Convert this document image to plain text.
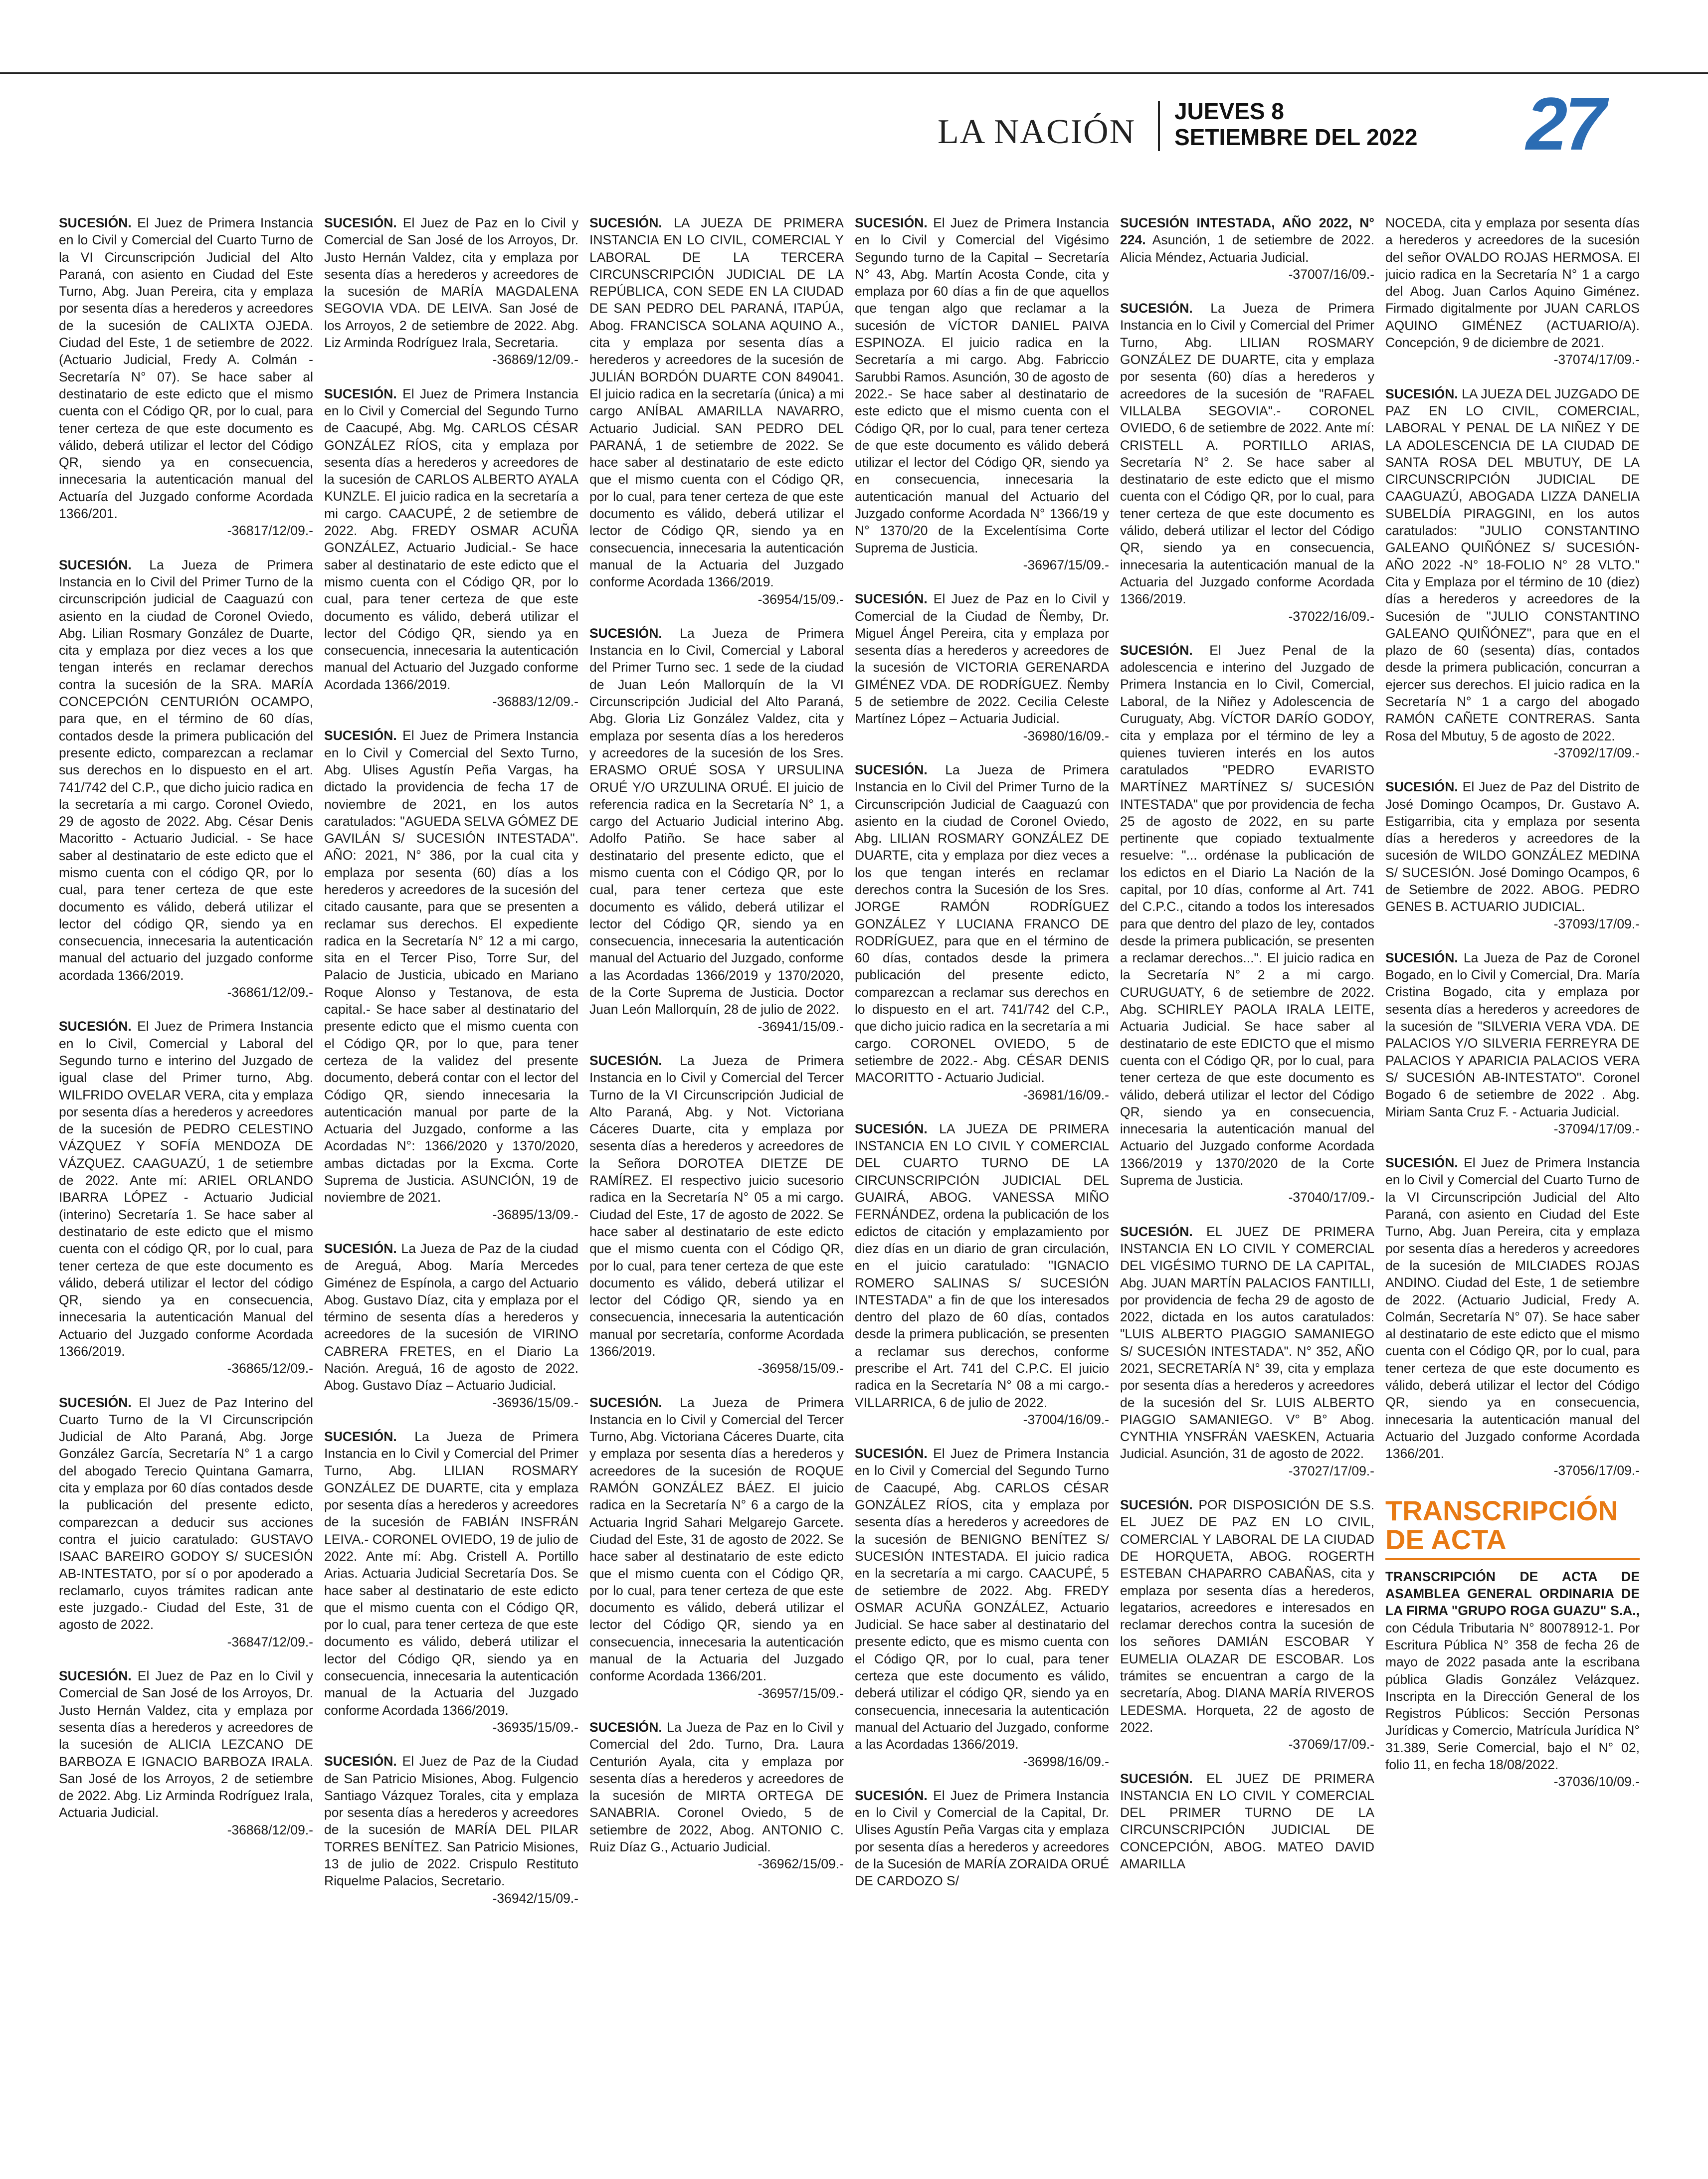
LA NACIÓN
JUEVES 8
SETIEMBRE DEL 2022 27
SUCESIÓN. El Juez de Primera Instancia en lo Civil y Comercial del Cuarto Turno de la VI Circunscripción Judicial del Alto Paraná, con asiento en Ciudad del Este Turno, Abg. Juan Pereira, cita y emplaza por sesenta días a herederos y acreedores de la sucesión de CALIXTA OJEDA. Ciudad del Este, 1 de setiembre de 2022. (Actuario Judicial, Fredy A. Colmán - Secretaría N° 07). Se hace saber al destinatario de este edicto que el mismo cuenta con el Código QR, por lo cual, para tener certeza de que este documento es válido, deberá utilizar el lector del Código QR, siendo ya en consecuencia, innecesaria la autenticación manual del Actuaría del Juzgado conforme Acordada 1366/201.
-36817/12/09.-
SUCESIÓN. La Jueza de Primera Instancia en lo Civil del Primer Turno de la circunscripción judicial de Caaguazú con asiento en la ciudad de Coronel Oviedo, Abg. Lilian Rosmary González de Duarte, cita y emplaza por diez veces a los que tengan interés en reclamar derechos contra la sucesión de la SRA. MARÍA CONCEPCIÓN CENTURIÓN OCAMPO, para que, en el término de 60 días, contados desde la primera publicación del presente edicto, comparezcan a reclamar sus derechos en lo dispuesto en el art. 741/742 del C.P., que dicho juicio radica en la secretaría a mi cargo. Coronel Oviedo, 29 de agosto de 2022. Abg. César Denis Macoritto - Actuario Judicial. - Se hace saber al destinatario de este edicto que el mismo cuenta con el código QR, por lo cual, para tener certeza de que este documento es válido, deberá utilizar el lector del código QR, siendo ya en consecuencia, innecesaria la autenticación manual del actuario del juzgado conforme acordada 1366/2019.
-36861/12/09.-
SUCESIÓN. El Juez de Primera Instancia en lo Civil, Comercial y Laboral del Segundo turno e interino del Juzgado de igual clase del Primer turno, Abg. WILFRIDO OVELAR VERA, cita y emplaza por sesenta días a herederos y acreedores de la sucesión de PEDRO CELESTINO VÁZQUEZ Y SOFÍA MENDOZA DE VÁZQUEZ. CAAGUAZÚ, 1 de setiembre de 2022. Ante mí: ARIEL ORLANDO IBARRA LÓPEZ - Actuario Judicial (interino) Secretaría 1. Se hace saber al destinatario de este edicto que el mismo cuenta con el código QR, por lo cual, para tener certeza de que este documento es válido, deberá utilizar el lector del código QR, siendo ya en consecuencia, innecesaria la autenticación Manual del Actuario del Juzgado conforme Acordada 1366/2019.
-36865/12/09.-
SUCESIÓN. El Juez de Paz Interino del Cuarto Turno de la VI Circunscripción Judicial de Alto Paraná, Abg. Jorge González García, Secretaría N° 1 a cargo del abogado Terecio Quintana Gamarra, cita y emplaza por 60 días contados desde la publicación del presente edicto, comparezcan a deducir sus acciones contra el juicio caratulado: GUSTAVO ISAAC BAREIRO GODOY S/ SUCESIÓN AB-INTESTATO, por sí o por apoderado a reclamarlo, cuyos trámites radican ante este juzgado.- Ciudad del Este, 31 de agosto de 2022.
-36847/12/09.-
SUCESIÓN. El Juez de Paz en lo Civil y Comercial de San José de los Arroyos, Dr. Justo Hernán Valdez, cita y emplaza por sesenta días a herederos y acreedores de la sucesión de ALICIA LEZCANO DE BARBOZA E IGNACIO BARBOZA IRALA. San José de los Arroyos, 2 de setiembre de 2022. Abg. Liz Arminda Rodríguez Irala, Actuaria Judicial.
-36868/12/09.-
SUCESIÓN. El Juez de Paz en lo Civil y Comercial de San José de los Arroyos, Dr. Justo Hernán Valdez, cita y emplaza por sesenta días a herederos y acreedores de la sucesión de MARÍA MAGDALENA SEGOVIA VDA. DE LEIVA. San José de los Arroyos, 2 de setiembre de 2022. Abg. Liz Arminda Rodríguez Irala, Secretaria.
-36869/12/09.-
SUCESIÓN. El Juez de Primera Instancia en lo Civil y Comercial del Segundo Turno de Caacupé, Abg. Mg. CARLOS CÉSAR GONZÁLEZ RÍOS, cita y emplaza por sesenta días a herederos y acreedores de la sucesión de CARLOS ALBERTO AYALA KUNZLE. El juicio radica en la secretaría a mi cargo. CAACUPÉ, 2 de setiembre de 2022. Abg. FREDY OSMAR ACUÑA GONZÁLEZ, Actuario Judicial.- Se hace saber al destinatario de este edicto que el mismo cuenta con el Código QR, por lo cual, para tener certeza de que este documento es válido, deberá utilizar el lector del Código QR, siendo ya en consecuencia, innecesaria la autenticación manual del Actuario del Juzgado conforme Acordada 1366/2019.
-36883/12/09.-
SUCESIÓN. El Juez de Primera Instancia en lo Civil y Comercial del Sexto Turno, Abg. Ulises Agustín Peña Vargas, ha dictado la providencia de fecha 17 de noviembre de 2021, en los autos caratulados: "AGUEDA SELVA GÓMEZ DE GAVILÁN S/ SUCESIÓN INTESTADA". AÑO: 2021, N° 386, por la cual cita y emplaza por sesenta (60) días a los herederos y acreedores de la sucesión del citado causante, para que se presenten a reclamar sus derechos. El expediente radica en la Secretaría N° 12 a mi cargo, sita en el Tercer Piso, Torre Sur, del Palacio de Justicia, ubicado en Mariano Roque Alonso y Testanova, de esta capital.- Se hace saber al destinatario del presente edicto que el mismo cuenta con el Código QR, por lo que, para tener certeza de la validez del presente documento, deberá contar con el lector del Código QR, siendo innecesaria la autenticación manual por parte de la Actuaria del Juzgado, conforme a las Acordadas N°: 1366/2020 y 1370/2020, ambas dictadas por la Excma. Corte Suprema de Justicia. ASUNCIÓN, 19 de noviembre de 2021.
-36895/13/09.-
SUCESIÓN. La Jueza de Paz de la ciudad de Areguá, Abog. María Mercedes Giménez de Espínola, a cargo del Actuario Abog. Gustavo Díaz, cita y emplaza por el término de sesenta días a herederos y acreedores de la sucesión de VIRINO CABRERA FRETES, en el Diario La Nación. Areguá, 16 de agosto de 2022. Abog. Gustavo Díaz – Actuario Judicial.
-36936/15/09.-
SUCESIÓN. La Jueza de Primera Instancia en lo Civil y Comercial del Primer Turno, Abg. LILIAN ROSMARY GONZÁLEZ DE DUARTE, cita y emplaza por sesenta días a herederos y acreedores de la sucesión de FABIÁN INSFRÁN LEIVA.- CORONEL OVIEDO, 19 de julio de 2022. Ante mí: Abg. Cristell A. Portillo Arias. Actuaria Judicial Secretaría Dos. Se hace saber al destinatario de este edicto que el mismo cuenta con el Código QR, por lo cual, para tener certeza de que este documento es válido, deberá utilizar el lector del Código QR, siendo ya en consecuencia, innecesaria la autenticación manual de la Actuaria del Juzgado conforme Acordada 1366/2019.
-36935/15/09.-
SUCESIÓN. El Juez de Paz de la Ciudad de San Patricio Misiones, Abog. Fulgencio Santiago Vázquez Torales, cita y emplaza por sesenta días a herederos y acreedores de la sucesión de MARÍA DEL PILAR TORRES BENÍTEZ. San Patricio Misiones, 13 de julio de 2022. Crispulo Restituto Riquelme Palacios, Secretario.
-36942/15/09.-
SUCESIÓN. LA JUEZA DE PRIMERA INSTANCIA EN LO CIVIL, COMERCIAL Y LABORAL DE LA TERCERA CIRCUNSCRIPCIÓN JUDICIAL DE LA REPÚBLICA, CON SEDE EN LA CIUDAD DE SAN PEDRO DEL PARANÁ, ITAPÚA, Abog. FRANCISCA SOLANA AQUINO A., cita y emplaza por sesenta días a herederos y acreedores de la sucesión de JULIÁN BORDÓN DUARTE CON 849041. El juicio radica en la secretaría (única) a mi cargo ANÍBAL AMARILLA NAVARRO, Actuario Judicial. SAN PEDRO DEL PARANÁ, 1 de setiembre de 2022. Se hace saber al destinatario de este edicto que el mismo cuenta con el Código QR, por lo cual, para tener certeza de que este documento es válido, deberá utilizar el lector de Código QR, siendo ya en consecuencia, innecesaria la autenticación manual de la Actuaria del Juzgado conforme Acordada 1366/2019.
-36954/15/09.-
SUCESIÓN. La Jueza de Primera Instancia en lo Civil, Comercial y Laboral del Primer Turno sec. 1 sede de la ciudad de Juan León Mallorquín de la VI Circunscripción Judicial del Alto Paraná, Abg. Gloria Liz González Valdez, cita y emplaza por sesenta días a los herederos y acreedores de la sucesión de los Sres. ERASMO ORUÉ SOSA Y URSULINA ORUÉ Y/O URZULINA ORUÉ. El juicio de referencia radica en la Secretaría N° 1, a cargo del Actuario Judicial interino Abg. Adolfo Patiño. Se hace saber al destinatario del presente edicto, que el mismo cuenta con el Código QR, por lo cual, para tener certeza que este documento es válido, deberá utilizar el lector del Código QR, siendo ya en consecuencia, innecesaria la autenticación manual del Actuario del Juzgado, conforme a las Acordadas 1366/2019 y 1370/2020, de la Corte Suprema de Justicia. Doctor Juan León Mallorquín, 28 de julio de 2022.
-36941/15/09.-
SUCESIÓN. La Jueza de Primera Instancia en lo Civil y Comercial del Tercer Turno de la VI Circunscripción Judicial de Alto Paraná, Abg. y Not. Victoriana Cáceres Duarte, cita y emplaza por sesenta días a herederos y acreedores de la Señora DOROTEA DIETZE DE RAMÍREZ. El respectivo juicio sucesorio radica en la Secretaría N° 05 a mi cargo. Ciudad del Este, 17 de agosto de 2022. Se hace saber al destinatario de este edicto que el mismo cuenta con el Código QR, por lo cual, para tener certeza de que este documento es válido, deberá utilizar el lector del Código QR, siendo ya en consecuencia, innecesaria la autenticación manual por secretaría, conforme Acordada 1366/2019.
-36958/15/09.-
SUCESIÓN. La Jueza de Primera Instancia en lo Civil y Comercial del Tercer Turno, Abg. Victoriana Cáceres Duarte, cita y emplaza por sesenta días a herederos y acreedores de la sucesión de ROQUE RAMÓN GONZÁLEZ BÁEZ. El juicio radica en la Secretaría N° 6 a cargo de la Actuaria Ingrid Sahari Melgarejo Garcete. Ciudad del Este, 31 de agosto de 2022. Se hace saber al destinatario de este edicto que el mismo cuenta con el Código QR, por lo cual, para tener certeza de que este documento es válido, deberá utilizar el lector del Código QR, siendo ya en consecuencia, innecesaria la autenticación manual de la Actuaria del Juzgado conforme Acordada 1366/201.
-36957/15/09.-
SUCESIÓN. La Jueza de Paz en lo Civil y Comercial del 2do. Turno, Dra. Laura Centurión Ayala, cita y emplaza por sesenta días a herederos y acreedores de la sucesión de MIRTA ORTEGA DE SANABRIA. Coronel Oviedo, 5 de setiembre de 2022, Abog. ANTONIO C. Ruiz Díaz G., Actuario Judicial.
-36962/15/09.-
SUCESIÓN. El Juez de Primera Instancia en lo Civil y Comercial del Vigésimo Segundo turno de la Capital – Secretaría N° 43, Abg. Martín Acosta Conde, cita y emplaza por 60 días a fin de que aquellos que tengan algo que reclamar a la sucesión de VÍCTOR DANIEL PAIVA ESPINOZA. El juicio radica en la Secretaría a mi cargo. Abg. Fabriccio Sarubbi Ramos. Asunción, 30 de agosto de 2022.- Se hace saber al destinatario de este edicto que el mismo cuenta con el Código QR, por lo cual, para tener certeza de que este documento es válido deberá utilizar el lector del Código QR, siendo ya en consecuencia, innecesaria la autenticación manual del Actuario del Juzgado conforme Acordada N° 1366/19 y N° 1370/20 de la Excelentísima Corte Suprema de Justicia.
-36967/15/09.-
SUCESIÓN. El Juez de Paz en lo Civil y Comercial de la Ciudad de Ñemby, Dr. Miguel Ángel Pereira, cita y emplaza por sesenta días a herederos y acreedores de la sucesión de VICTORIA GERENARDA GIMÉNEZ VDA. DE RODRÍGUEZ. Ñemby 5 de setiembre de 2022. Cecilia Celeste Martínez López – Actuaria Judicial.
-36980/16/09.-
SUCESIÓN. La Jueza de Primera Instancia en lo Civil del Primer Turno de la Circunscripción Judicial de Caaguazú con asiento en la ciudad de Coronel Oviedo, Abg. LILIAN ROSMARY GONZÁLEZ DE DUARTE, cita y emplaza por diez veces a los que tengan interés en reclamar derechos contra la Sucesión de los Sres. JORGE RAMÓN RODRÍGUEZ GONZÁLEZ Y LUCIANA FRANCO DE RODRÍGUEZ, para que en el término de 60 días, contados desde la primera publicación del presente edicto, comparezcan a reclamar sus derechos en lo dispuesto en el art. 741/742 del C.P., que dicho juicio radica en la secretaría a mi cargo. CORONEL OVIEDO, 5 de setiembre de 2022.- Abg. CÉSAR DENIS MACORITTO - Actuario Judicial.
-36981/16/09.-
SUCESIÓN. LA JUEZA DE PRIMERA INSTANCIA EN LO CIVIL Y COMERCIAL DEL CUARTO TURNO DE LA CIRCUNSCRIPCIÓN JUDICIAL DEL GUAIRÁ, ABOG. VANESSA MIÑO FERNÁNDEZ, ordena la publicación de los edictos de citación y emplazamiento por diez días en un diario de gran circulación, en el juicio caratulado: "IGNACIO ROMERO SALINAS S/ SUCESIÓN INTESTADA" a fin de que los interesados dentro del plazo de 60 días, contados desde la primera publicación, se presenten a reclamar sus derechos, conforme prescribe el Art. 741 del C.P.C. El juicio radica en la Secretaría N° 08 a mi cargo.- VILLARRICA, 6 de julio de 2022.
-37004/16/09.-
SUCESIÓN. El Juez de Primera Instancia en lo Civil y Comercial del Segundo Turno de Caacupé, Abg. CARLOS CÉSAR GONZÁLEZ RÍOS, cita y emplaza por sesenta días a herederos y acreedores de la sucesión de BENIGNO BENÍTEZ S/ SUCESIÓN INTESTADA. El juicio radica en la secretaría a mi cargo. CAACUPÉ, 5 de setiembre de 2022. Abg. FREDY OSMAR ACUÑA GONZÁLEZ, Actuario Judicial. Se hace saber al destinatario del presente edicto, que es mismo cuenta con el Código QR, por lo cual, para tener certeza que este documento es válido, deberá utilizar el código QR, siendo ya en consecuencia, innecesaria la autenticación manual del Actuario del Juzgado, conforme a las Acordadas 1366/2019.
-36998/16/09.-
SUCESIÓN. El Juez de Primera Instancia en lo Civil y Comercial de la Capital, Dr. Ulises Agustín Peña Vargas cita y emplaza por sesenta días a herederos y acreedores de la Sucesión de MARÍA ZORAIDA ORUÉ DE CARDOZO S/
SUCESIÓN INTESTADA, AÑO 2022, N° 224. Asunción, 1 de setiembre de 2022. Alicia Méndez, Actuaria Judicial.
-37007/16/09.-
SUCESIÓN. La Jueza de Primera Instancia en lo Civil y Comercial del Primer Turno, Abg. LILIAN ROSMARY GONZÁLEZ DE DUARTE, cita y emplaza por sesenta (60) días a herederos y acreedores de la sucesión de "RAFAEL VILLALBA SEGOVIA".- CORONEL OVIEDO, 6 de setiembre de 2022. Ante mí: CRISTELL A. PORTILLO ARIAS, Secretaría N° 2. Se hace saber al destinatario de este edicto que el mismo cuenta con el Código QR, por lo cual, para tener certeza de que este documento es válido, deberá utilizar el lector del Código QR, siendo ya en consecuencia, innecesaria la autenticación manual de la Actuaria del Juzgado conforme Acordada 1366/2019.
-37022/16/09.-
SUCESIÓN. El Juez Penal de la adolescencia e interino del Juzgado de Primera Instancia en lo Civil, Comercial, Laboral, de la Niñez y Adolescencia de Curuguaty, Abg. VÍCTOR DARÍO GODOY, cita y emplaza por el término de ley a quienes tuvieren interés en los autos caratulados "PEDRO EVARISTO MARTÍNEZ MARTÍNEZ S/ SUCESIÓN INTESTADA" que por providencia de fecha 25 de agosto de 2022, en su parte pertinente que copiado textualmente resuelve: "... ordénase la publicación de los edictos en el Diario La Nación de la capital, por 10 días, conforme al Art. 741 del C.P.C., citando a todos los interesados para que dentro del plazo de ley, contados desde la primera publicación, se presenten a reclamar derechos...". El juicio radica en la Secretaría N° 2 a mi cargo. CURUGUATY, 6 de setiembre de 2022. Abg. SCHIRLEY PAOLA IRALA LEITE, Actuaria Judicial. Se hace saber al destinatario de este EDICTO que el mismo cuenta con el Código QR, por lo cual, para tener certeza de que este documento es válido, deberá utilizar el lector del Código QR, siendo ya en consecuencia, innecesaria la autenticación manual del Actuario del Juzgado conforme Acordada 1366/2019 y 1370/2020 de la Corte Suprema de Justicia.
-37040/17/09.-
SUCESIÓN. EL JUEZ DE PRIMERA INSTANCIA EN LO CIVIL Y COMERCIAL DEL VIGÉSIMO TURNO DE LA CAPITAL, Abg. JUAN MARTÍN PALACIOS FANTILLI, por providencia de fecha 29 de agosto de 2022, dictada en los autos caratulados: "LUIS ALBERTO PIAGGIO SAMANIEGO S/ SUCESIÓN INTESTADA". N° 352, AÑO 2021, SECRETARÍA N° 39, cita y emplaza por sesenta días a herederos y acreedores de la sucesión del Sr. LUIS ALBERTO PIAGGIO SAMANIEGO. V° B° Abog. CYNTHIA YNSFRÁN VAESKEN, Actuaria Judicial. Asunción, 31 de agosto de 2022.
-37027/17/09.-
SUCESIÓN. POR DISPOSICIÓN DE S.S. EL JUEZ DE PAZ EN LO CIVIL, COMERCIAL Y LABORAL DE LA CIUDAD DE HORQUETA, ABOG. ROGERTH ESTEBAN CHAPARRO CABAÑAS, cita y emplaza por sesenta días a herederos, legatarios, acreedores e interesados en reclamar derechos contra la sucesión de los señores DAMIÁN ESCOBAR Y EUMELIA OLAZAR DE ESCOBAR. Los trámites se encuentran a cargo de la secretaría, Abog. DIANA MARÍA RIVEROS LEDESMA. Horqueta, 22 de agosto de 2022.
-37069/17/09.-
SUCESIÓN. EL JUEZ DE PRIMERA INSTANCIA EN LO CIVIL Y COMERCIAL DEL PRIMER TURNO DE LA CIRCUNSCRIPCIÓN JUDICIAL DE CONCEPCIÓN, ABOG. MATEO DAVID AMARILLA
NOCEDA, cita y emplaza por sesenta días a herederos y acreedores de la sucesión del señor OVALDO ROJAS HERMOSA. El juicio radica en la Secretaría N° 1 a cargo del Abog. Juan Carlos Aquino Giménez. Firmado digitalmente por JUAN CARLOS AQUINO GIMÉNEZ (ACTUARIO/A). Concepción, 9 de diciembre de 2021.
-37074/17/09.-
SUCESIÓN. LA JUEZA DEL JUZGADO DE PAZ EN LO CIVIL, COMERCIAL, LABORAL Y PENAL DE LA NIÑEZ Y DE LA ADOLESCENCIA DE LA CIUDAD DE SANTA ROSA DEL MBUTUY, DE LA CIRCUNSCRIPCIÓN JUDICIAL DE CAAGUAZÚ, ABOGADA LIZZA DANELIA SUBELDÍA PIRAGGINI, en los autos caratulados: "JULIO CONSTANTINO GALEANO QUIÑÓNEZ S/ SUCESIÓN-AÑO 2022 -N° 18-FOLIO N° 28 VLTO." Cita y Emplaza por el término de 10 (diez) días a herederos y acreedores de la Sucesión de "JULIO CONSTANTINO GALEANO QUIÑÓNEZ", para que en el plazo de 60 (sesenta) días, contados desde la primera publicación, concurran a ejercer sus derechos. El juicio radica en la Secretaría N° 1 a cargo del abogado RAMÓN CAÑETE CONTRERAS. Santa Rosa del Mbutuy, 5 de agosto de 2022.
-37092/17/09.-
SUCESIÓN. El Juez de Paz del Distrito de José Domingo Ocampos, Dr. Gustavo A. Estigarribia, cita y emplaza por sesenta días a herederos y acreedores de la sucesión de WILDO GONZÁLEZ MEDINA S/ SUCESIÓN. José Domingo Ocampos, 6 de Setiembre de 2022. ABOG. PEDRO GENES B. ACTUARIO JUDICIAL.
-37093/17/09.-
SUCESIÓN. La Jueza de Paz de Coronel Bogado, en lo Civil y Comercial, Dra. María Cristina Bogado, cita y emplaza por sesenta días a herederos y acreedores de la sucesión de "SILVERIA VERA VDA. DE PALACIOS Y/O SILVERIA FERREYRA DE PALACIOS Y APARICIA PALACIOS VERA S/ SUCESIÓN AB-INTESTATO". Coronel Bogado 6 de setiembre de 2022 . Abg. Miriam Santa Cruz F. - Actuaria Judicial.
-37094/17/09.-
SUCESIÓN. El Juez de Primera Instancia en lo Civil y Comercial del Cuarto Turno de la VI Circunscripción Judicial del Alto Paraná, con asiento en Ciudad del Este Turno, Abg. Juan Pereira, cita y emplaza por sesenta días a herederos y acreedores de la sucesión de MILCIADES ROJAS ANDINO. Ciudad del Este, 1 de setiembre de 2022. (Actuario Judicial, Fredy A. Colmán, Secretaría N° 07). Se hace saber al destinatario de este edicto que el mismo cuenta con el Código QR, por lo cual, para tener certeza de que este documento es válido, deberá utilizar el lector del Código QR, siendo ya en consecuencia, innecesaria la autenticación manual del Actuario del Juzgado conforme Acordada 1366/201.
-37056/17/09.-
TRANSCRIPCIÓN DE ACTA
TRANSCRIPCIÓN DE ACTA DE ASAMBLEA GENERAL ORDINARIA DE LA FIRMA "GRUPO ROGA GUAZU" S.A., con Cédula Tributaria N° 80078912-1. Por Escritura Pública N° 358 de fecha 26 de mayo de 2022 pasada ante la escribana pública Gladis González Velázquez. Inscripta en la Dirección General de los Registros Públicos: Sección Personas Jurídicas y Comercio, Matrícula Jurídica N° 31.389, Serie Comercial, bajo el N° 02, folio 11, en fecha 18/08/2022.
-37036/10/09.-
